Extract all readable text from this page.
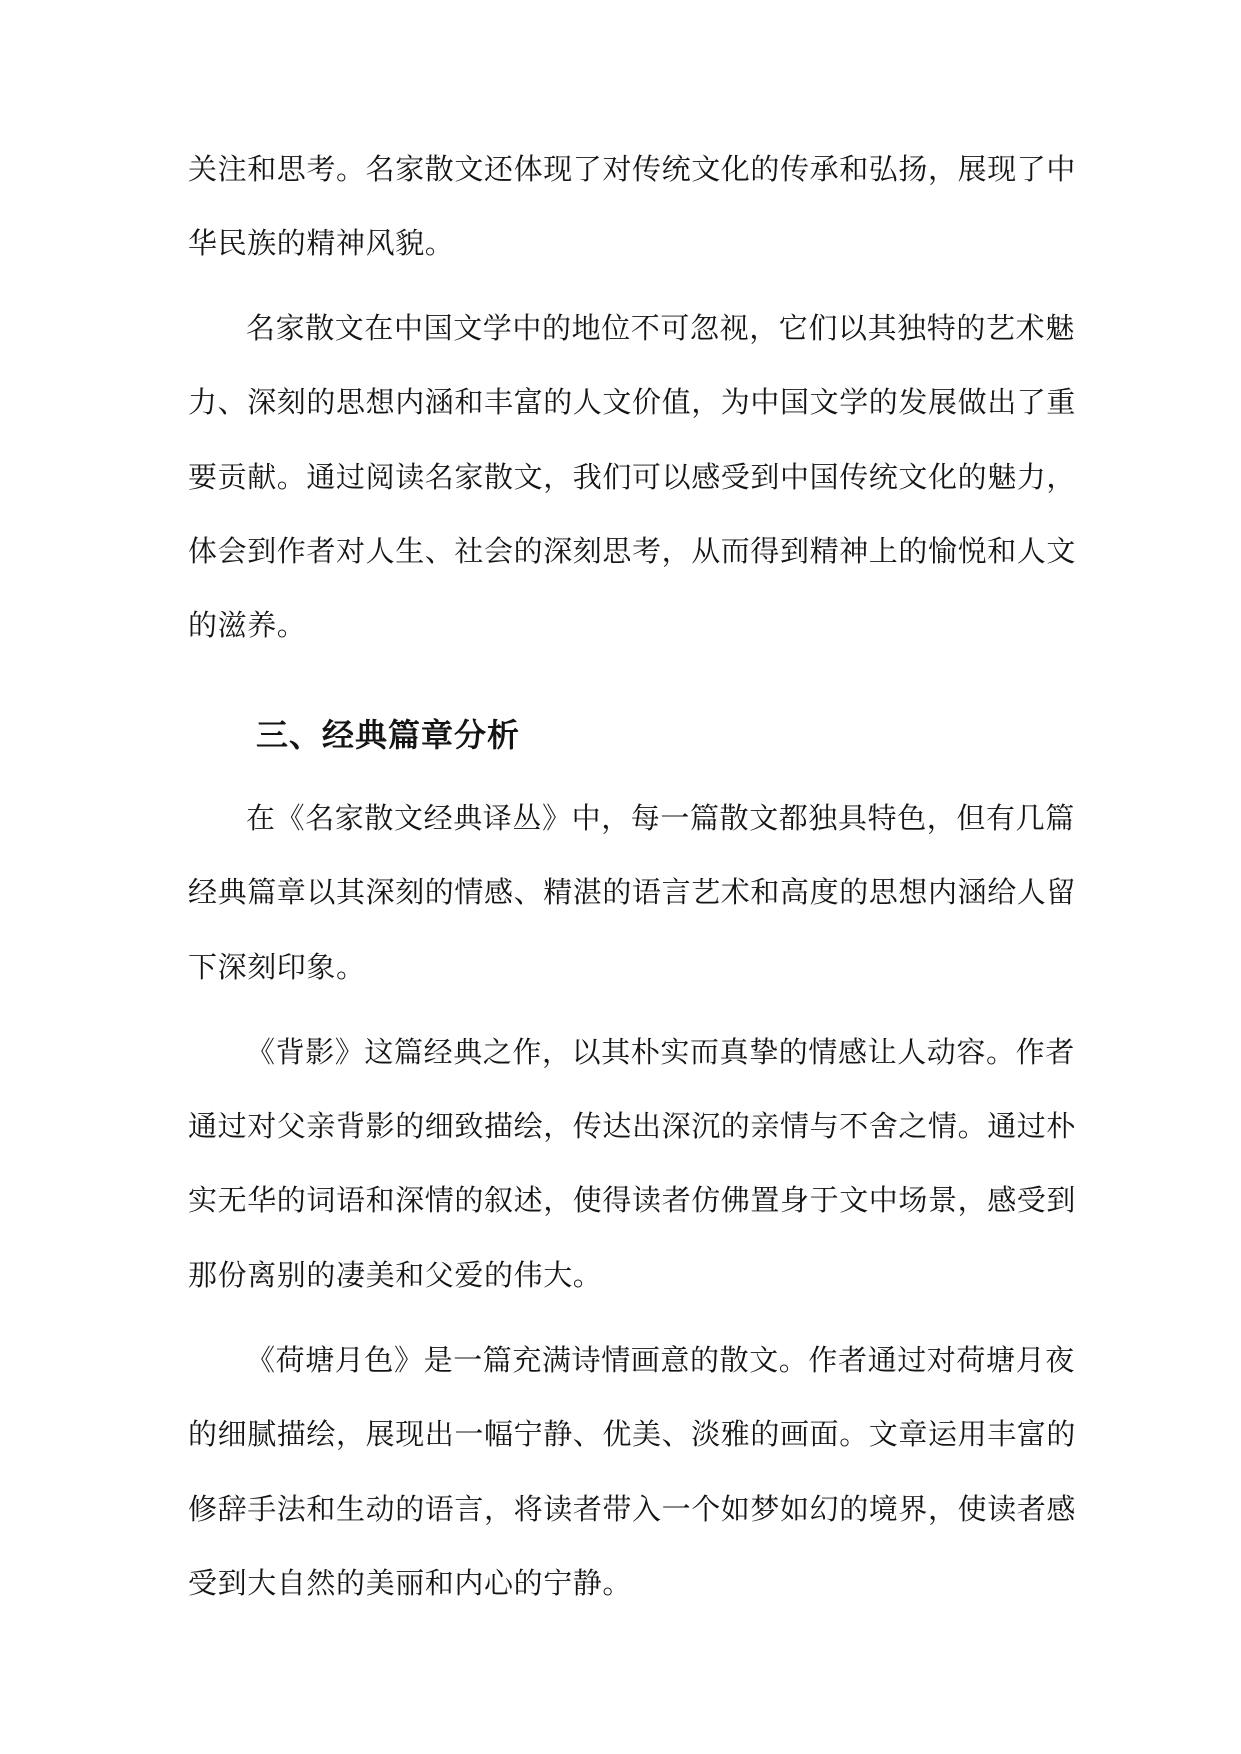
关注和思考。名家散文还体现了对传统文化的传承和弘扬，展现了中
华民族的精神风貌。
名家散文在中国文学中的地位不可忽视，它们以其独特的艺术魅
力、深刻的思想内涵和丰富的人文价值，为中国文学的发展做出了重
要贡献。通过阅读名家散文，我们可以感受到中国传统文化的魅力，
体会到作者对人生、社会的深刻思考，从而得到精神上的愉悦和人文
的滋养。
三、经典篇章分析
在《名家散文经典译丛》中，每一篇散文都独具特色，但有几篇
经典篇章以其深刻的情感、精湛的语言艺术和高度的思想内涵给人留
下深刻印象。
《背影》这篇经典之作，以其朴实而真挚的情感让人动容。作者
通过对父亲背影的细致描绘，传达出深沉的亲情与不舍之情。通过朴
实无华的词语和深情的叙述，使得读者仿佛置身于文中场景，感受到
那份离别的凄美和父爱的伟大。
《荷塘月色》是一篇充满诗情画意的散文。作者通过对荷塘月夜
的细腻描绘，展现出一幅宁静、优美、淡雅的画面。文章运用丰富的
修辞手法和生动的语言，将读者带入一个如梦如幻的境界，使读者感
受到大自然的美丽和内心的宁静。
